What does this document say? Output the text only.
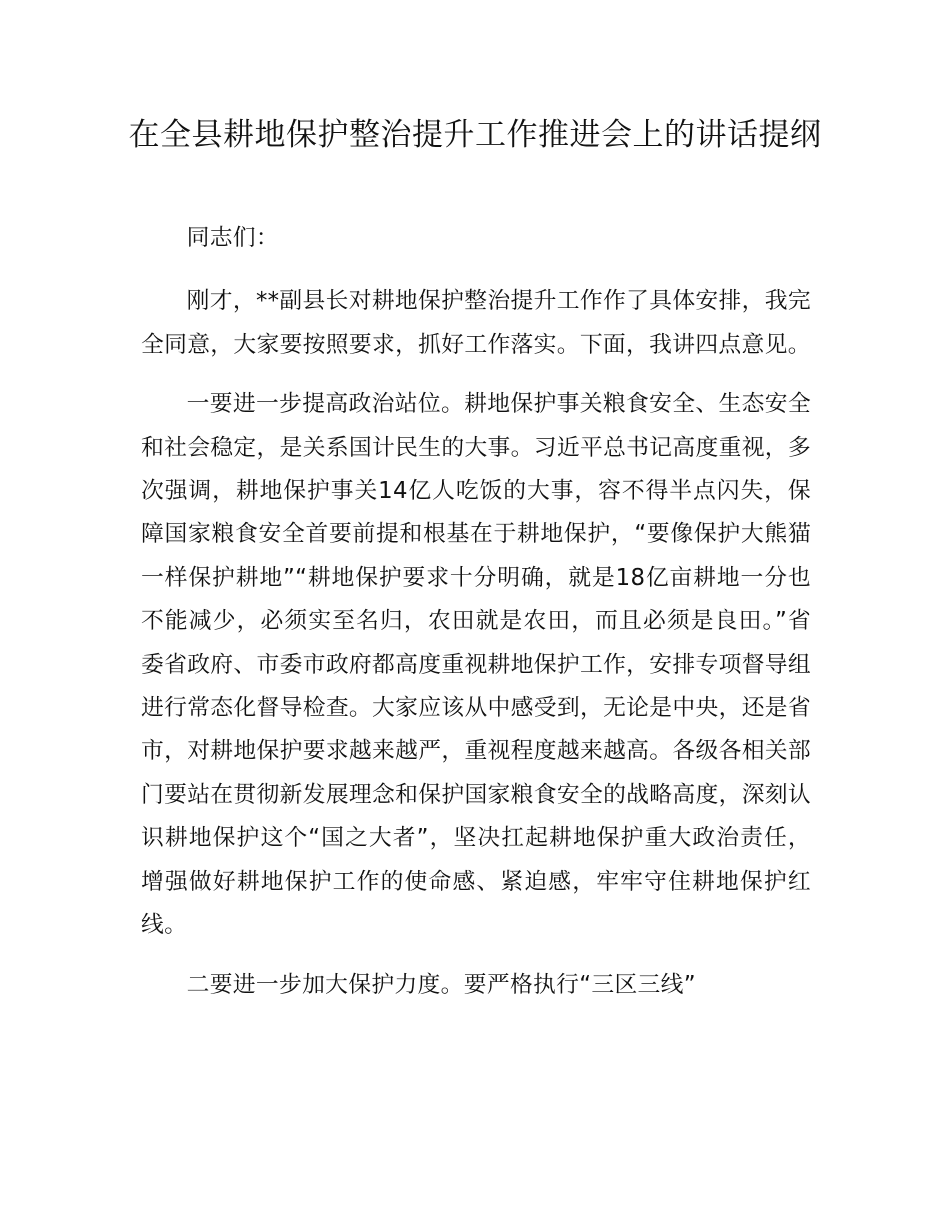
在全县耕地保护整治提升工作推进会上的讲话提纲

同志们：

刚才，**副县长对耕地保护整治提升工作作了具体安排，我完全同意，大家要按照要求，抓好工作落实。下面，我讲四点意见。

一要进一步提高政治站位。耕地保护事关粮食安全、生态安全和社会稳定，是关系国计民生的大事。习近平总书记高度重视，多次强调，耕地保护事关14亿人吃饭的大事，容不得半点闪失，保障国家粮食安全首要前提和根基在于耕地保护，“要像保护大熊猫一样保护耕地”“耕地保护要求十分明确，就是18亿亩耕地一分也不能减少，必须实至名归，农田就是农田，而且必须是良田。”省委省政府、市委市政府都高度重视耕地保护工作，安排专项督导组进行常态化督导检查。大家应该从中感受到，无论是中央，还是省市，对耕地保护要求越来越严，重视程度越来越高。各级各相关部门要站在贯彻新发展理念和保护国家粮食安全的战略高度，深刻认识耕地保护这个“国之大者”，坚决扛起耕地保护重大政治责任，增强做好耕地保护工作的使命感、紧迫感，牢牢守住耕地保护红线。

二要进一步加大保护力度。要严格执行“三区三线”
